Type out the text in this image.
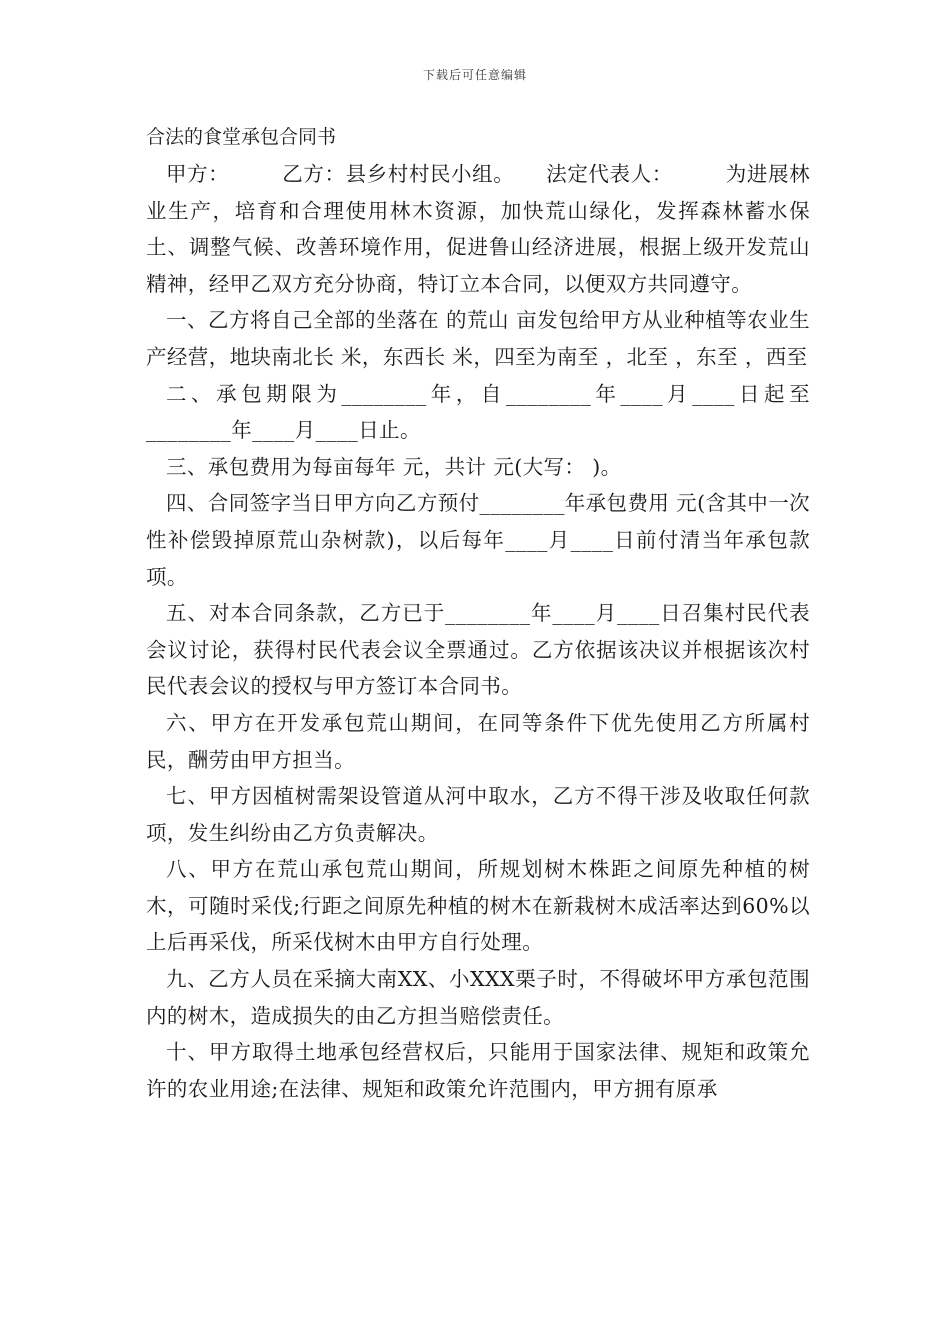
下载后可任意编辑
合法的食堂承包合同书

甲方：　　　乙方：县乡村村民小组。　　法定代表人：　　　为进展林业生产，培育和合理使用林木资源，加快荒山绿化，发挥森林蓄水保土、调整气候、改善环境作用，促进鲁山经济进展，根据上级开发荒山精神，经甲乙双方充分协商，特订立本合同，以便双方共同遵守。

一、乙方将自己全部的坐落在 的荒山 亩发包给甲方从业种植等农业生产经营，地块南北长 米，东西长 米，四至为南至 ，北至 ，东至 ，西至

二、承包期限为________年，自________年____月____日起至________年____月____日止。

三、承包费用为每亩每年 元，共计 元(大写： )。

四、合同签字当日甲方向乙方预付________年承包费用 元(含其中一次性补偿毁掉原荒山杂树款)，以后每年____月____日前付清当年承包款项。

五、对本合同条款，乙方已于________年____月____日召集村民代表会议讨论，获得村民代表会议全票通过。乙方依据该决议并根据该次村民代表会议的授权与甲方签订本合同书。

六、甲方在开发承包荒山期间，在同等条件下优先使用乙方所属村民，酬劳由甲方担当。

七、甲方因植树需架设管道从河中取水，乙方不得干涉及收取任何款项，发生纠纷由乙方负责解决。

八、甲方在荒山承包荒山期间，所规划树木株距之间原先种植的树木，可随时采伐;行距之间原先种植的树木在新栽树木成活率达到60%以上后再采伐，所采伐树木由甲方自行处理。

九、乙方人员在采摘大南XX、小XXX栗子时，不得破坏甲方承包范围内的树木，造成损失的由乙方担当赔偿责任。

十、甲方取得土地承包经营权后，只能用于国家法律、规矩和政策允许的农业用途;在法律、规矩和政策允许范围内，甲方拥有原承
